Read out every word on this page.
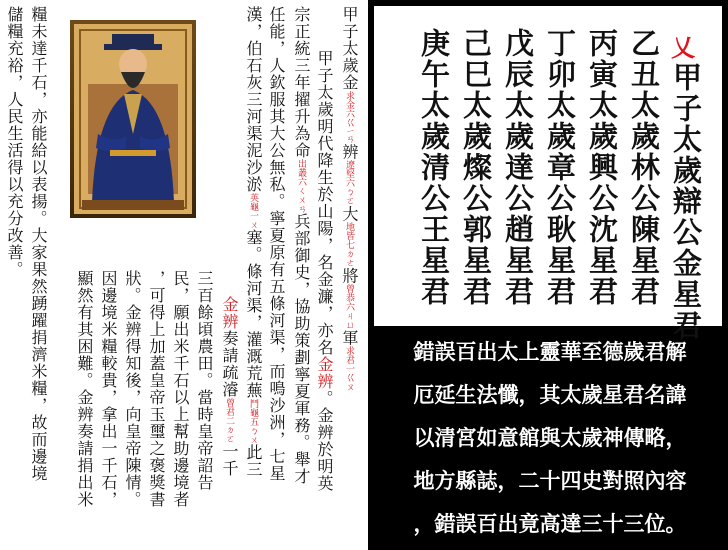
甲子太歲金求金六巜ㄧㄢ辨遼堅六ㄅㄛ大地皆七ㄉㄜ將曾恭六ㄐㄩ軍求君一巜ㄡ
甲子太歲明代降生於山陽，名金濂，亦名金辨。金辨於明英
宗正統三年擢升為命出叢六ㄑㄨㄢ兵部御史，協助策劃寧夏軍務。舉才
任能，人欽服其大公無私。寧夏原有五條河渠，而鳴沙洲，七星
漢，伯石灰三河渠泥沙淤英龜一ㄨ塞。條河渠，灌溉荒蕪鬥龜五ㄅㄨ此三
金辨奏請疏濬曾君二ㄉㄛ一千
三百餘頃農田。當時皇帝詔告
民，願出米千石以上幫助邊境者
，可得上加蓋皇帝玉璽之褒獎書
狀。金辨得知後，向皇帝陳情。
因邊境米糧較貴，拿出一千石，
顯然有其困難。金辨奏請捐出米
糧未達千石，亦能給以表揚。大家果然踴躍捐濟米糧，故而邊境
儲糧充裕，人民生活得以充分改善。	乂
甲子太歲辯公金星君
乙丑太歲林公陳星君
丙寅太歲興公沈星君
丁卯太歲章公耿星君
戊辰太歲達公趙星君
己巳太歲燦公郭星君
庚午太歲清公王星君
錯誤百出太上靈華至德歲君解
厄延生法懺，其太歲星君名諱
以清宮如意館與太歲神傳略，
地方縣誌，二十四史對照內容
，錯誤百出竟高達三十三位。
